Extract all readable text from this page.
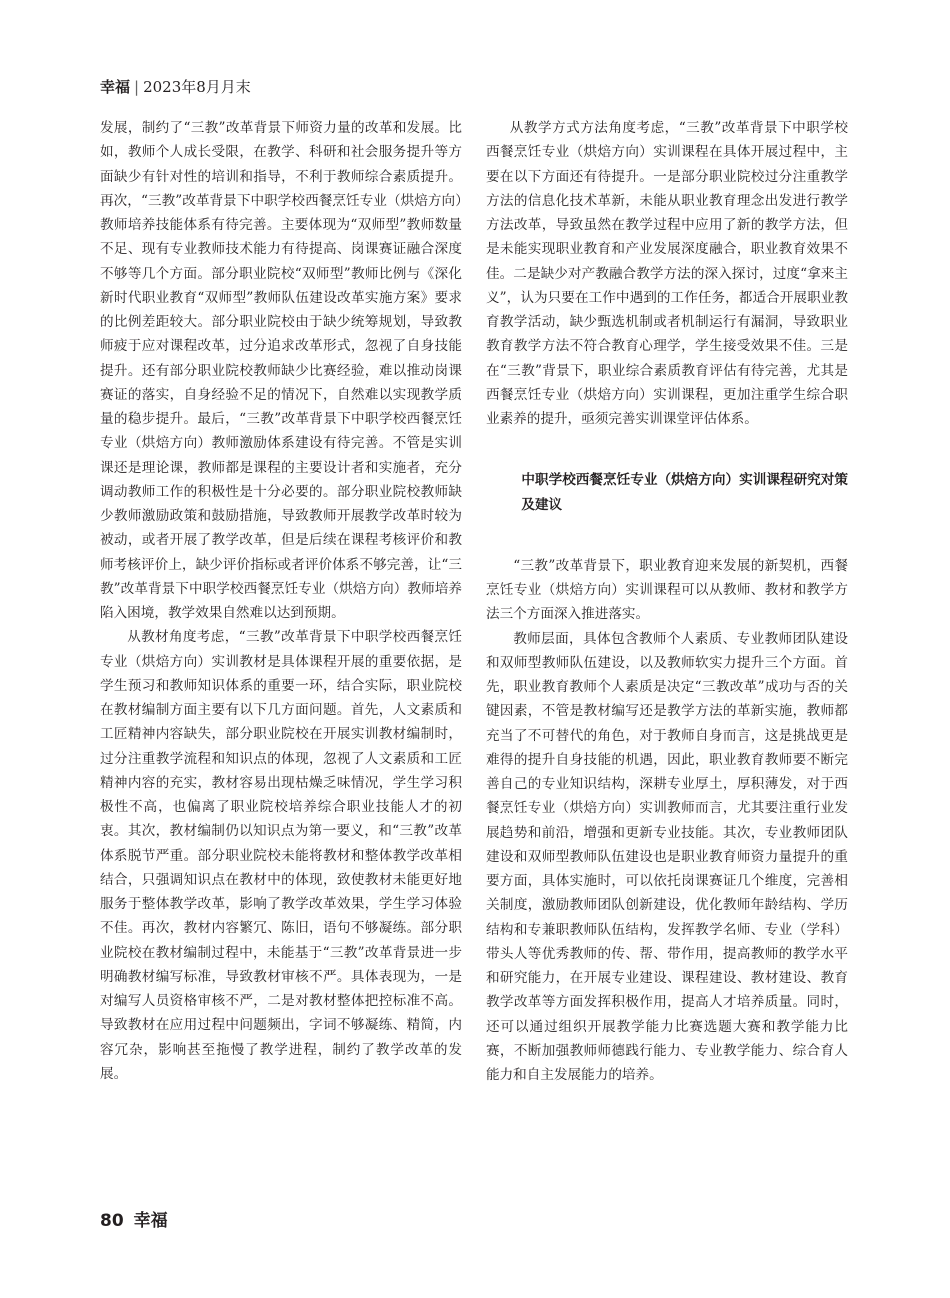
幸福 | 2023年8月月末

发展，制约了“三教”改革背景下师资力量的改革和发展。比如，教师个人成长受限，在教学、科研和社会服务提升等方面缺少有针对性的培训和指导，不利于教师综合素质提升。再次，“三教”改革背景下中职学校西餐烹饪专业（烘焙方向）教师培养技能体系有待完善。主要体现为“双师型”教师数量不足、现有专业教师技术能力有待提高、岗课赛证融合深度不够等几个方面。部分职业院校“双师型”教师比例与《深化新时代职业教育“双师型”教师队伍建设改革实施方案》要求的比例差距较大。部分职业院校由于缺少统筹规划，导致教师疲于应对课程改革，过分追求改革形式，忽视了自身技能提升。还有部分职业院校教师缺少比赛经验，难以推动岗课赛证的落实，自身经验不足的情况下，自然难以实现教学质量的稳步提升。最后，“三教”改革背景下中职学校西餐烹饪专业（烘焙方向）教师激励体系建设有待完善。不管是实训课还是理论课，教师都是课程的主要设计者和实施者，充分调动教师工作的积极性是十分必要的。部分职业院校教师缺少教师激励政策和鼓励措施，导致教师开展教学改革时较为被动，或者开展了教学改革，但是后续在课程考核评价和教师考核评价上，缺少评价指标或者评价体系不够完善，让“三教”改革背景下中职学校西餐烹饪专业（烘焙方向）教师培养陷入困境，教学效果自然难以达到预期。

从教材角度考虑，“三教”改革背景下中职学校西餐烹饪专业（烘焙方向）实训教材是具体课程开展的重要依据，是学生预习和教师知识体系的重要一环，结合实际，职业院校在教材编制方面主要有以下几方面问题。首先，人文素质和工匠精神内容缺失，部分职业院校在开展实训教材编制时，过分注重教学流程和知识点的体现，忽视了人文素质和工匠精神内容的充实，教材容易出现枯燥乏味情况，学生学习积极性不高，也偏离了职业院校培养综合职业技能人才的初衷。其次，教材编制仍以知识点为第一要义，和“三教”改革体系脱节严重。部分职业院校未能将教材和整体教学改革相结合，只强调知识点在教材中的体现，致使教材未能更好地服务于整体教学改革，影响了教学改革效果，学生学习体验不佳。再次，教材内容繁冗、陈旧，语句不够凝练。部分职业院校在教材编制过程中，未能基于“三教”改革背景进一步明确教材编写标准，导致教材审核不严。具体表现为，一是对编写人员资格审核不严，二是对教材整体把控标准不高。导致教材在应用过程中问题频出，字词不够凝练、精简，内容冗杂，影响甚至拖慢了教学进程，制约了教学改革的发展。

从教学方式方法角度考虑，“三教”改革背景下中职学校西餐烹饪专业（烘焙方向）实训课程在具体开展过程中，主要在以下方面还有待提升。一是部分职业院校过分注重教学方法的信息化技术革新，未能从职业教育理念出发进行教学方法改革，导致虽然在教学过程中应用了新的教学方法，但是未能实现职业教育和产业发展深度融合，职业教育效果不佳。二是缺少对产教融合教学方法的深入探讨，过度“拿来主义”，认为只要在工作中遇到的工作任务，都适合开展职业教育教学活动，缺少甄选机制或者机制运行有漏洞，导致职业教育教学方法不符合教育心理学，学生接受效果不佳。三是在“三教”背景下，职业综合素质教育评估有待完善，尤其是西餐烹饪专业（烘焙方向）实训课程，更加注重学生综合职业素养的提升，亟须完善实训课堂评估体系。

中职学校西餐烹饪专业（烘焙方向）实训课程研究对策及建议

“三教”改革背景下，职业教育迎来发展的新契机，西餐烹饪专业（烘焙方向）实训课程可以从教师、教材和教学方法三个方面深入推进落实。

教师层面，具体包含教师个人素质、专业教师团队建设和双师型教师队伍建设，以及教师软实力提升三个方面。首先，职业教育教师个人素质是决定“三教改革”成功与否的关键因素，不管是教材编写还是教学方法的革新实施，教师都充当了不可替代的角色，对于教师自身而言，这是挑战更是难得的提升自身技能的机遇，因此，职业教育教师要不断完善自己的专业知识结构，深耕专业厚土，厚积薄发，对于西餐烹饪专业（烘焙方向）实训教师而言，尤其要注重行业发展趋势和前沿，增强和更新专业技能。其次，专业教师团队建设和双师型教师队伍建设也是职业教育师资力量提升的重要方面，具体实施时，可以依托岗课赛证几个维度，完善相关制度，激励教师团队创新建设，优化教师年龄结构、学历结构和专兼职教师队伍结构，发挥教学名师、专业（学科）带头人等优秀教师的传、帮、带作用，提高教师的教学水平和研究能力，在开展专业建设、课程建设、教材建设、教育教学改革等方面发挥积极作用，提高人才培养质量。同时，还可以通过组织开展教学能力比赛选题大赛和教学能力比赛，不断加强教师师德践行能力、专业教学能力、综合育人能力和自主发展能力的培养。

80 幸福
